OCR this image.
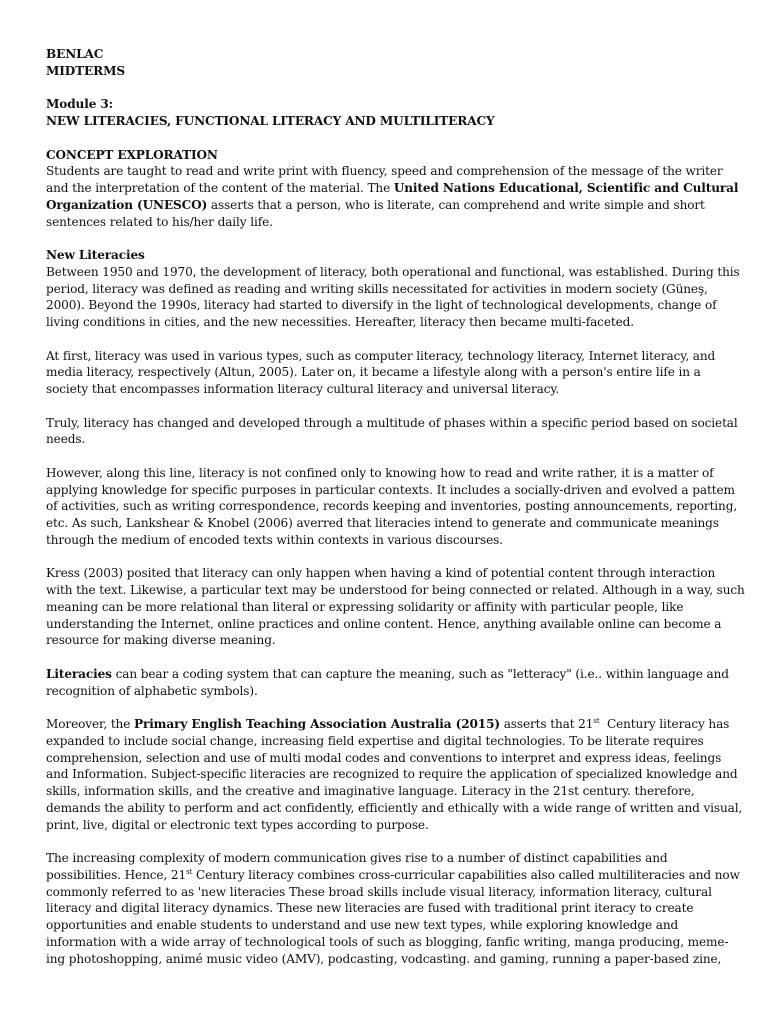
BENLAC
MIDTERMS
Module 3:
NEW LITERACIES, FUNCTIONAL LITERACY AND MULTILITERACY
CONCEPT EXPLORATION
Students are taught to read and write print with fluency, speed and comprehension of the message of the writer
and the interpretation of the content of the material. The United Nations Educational, Scientific and Cultural
Organization (UNESCO) asserts that a person, who is literate, can comprehend and write simple and short
sentences related to his/her daily life.
New Literacies
Between 1950 and 1970, the development of literacy, both operational and functional, was established. During this
period, literacy was defined as reading and writing skills necessitated for activities in modern society (Güneş,
2000). Beyond the 1990s, literacy had started to diversify in the light of technological developments, change of
living conditions in cities, and the new necessities. Hereafter, literacy then became multi-faceted.
At first, literacy was used in various types, such as computer literacy, technology literacy, Internet literacy, and
media literacy, respectively (Altun, 2005). Later on, it became a lifestyle along with a person's entire life in a
society that encompasses information literacy cultural literacy and universal literacy.
Truly, literacy has changed and developed through a multitude of phases within a specific period based on societal
needs.
However, along this line, literacy is not confined only to knowing how to read and write rather, it is a matter of
applying knowledge for specific purposes in particular contexts. It includes a socially-driven and evolved a pattem
of activities, such as writing correspondence, records keeping and inventories, posting announcements, reporting,
etc. As such, Lankshear & Knobel (2006) averred that literacies intend to generate and communicate meanings
through the medium of encoded texts within contexts in various discourses.
Kress (2003) posited that literacy can only happen when having a kind of potential content through interaction
with the text. Likewise, a particular text may be understood for being connected or related. Although in a way, such
meaning can be more relational than literal or expressing solidarity or affinity with particular people, like
understanding the Internet, online practices and online content. Hence, anything available online can become a
resource for making diverse meaning.
Literacies can bear a coding system that can capture the meaning, such as "letteracy" (i.e.. within language and
recognition of alphabetic symbols).
Moreover, the Primary English Teaching Association Australia (2015) asserts that 21st  Century literacy has
expanded to include social change, increasing field expertise and digital technologies. To be literate requires
comprehension, selection and use of multi modal codes and conventions to interpret and express ideas, feelings
and Information. Subject-specific literacies are recognized to require the application of specialized knowledge and
skills, information skills, and the creative and imaginative language. Literacy in the 21st century. therefore,
demands the ability to perform and act confidently, efficiently and ethically with a wide range of written and visual,
print, live, digital or electronic text types according to purpose.
The increasing complexity of modern communication gives rise to a number of distinct capabilities and
possibilities. Hence, 21st Century literacy combines cross-curricular capabilities also called multiliteracies and now
commonly referred to as 'new literacies These broad skills include visual literacy, information literacy, cultural
literacy and digital literacy dynamics. These new literacies are fused with traditional print iteracy to create
opportunities and enable students to understand and use new text types, while exploring knowledge and
information with a wide array of technological tools of such as blogging, fanfic writing, manga producing, meme-
ing photoshopping, animé music video (AMV), podcasting, vodcasting. and gaming, running a paper-based zine,
